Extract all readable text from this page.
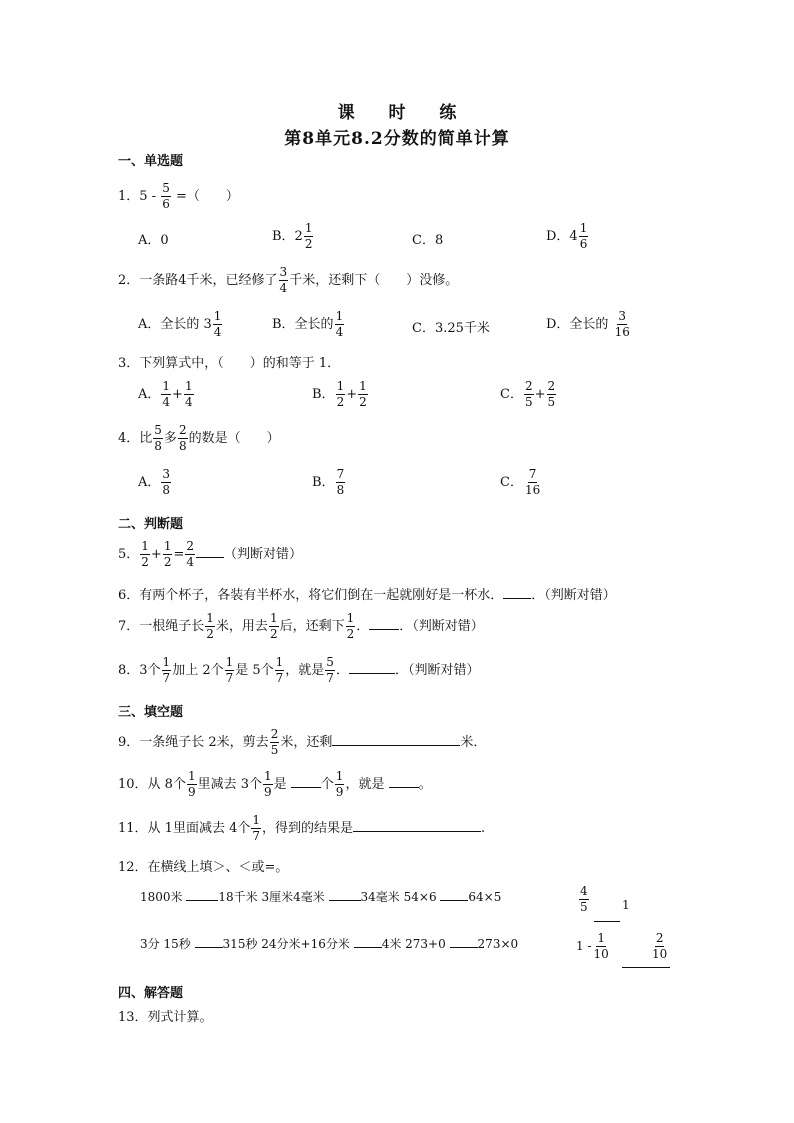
课 时 练
第8单元8.2分数的简单计算
一、单选题
1．$5 - \frac{5}{6}$ =（　　）
A．0	B．$2 \frac{1}{2}$	C．8	D．$4 \frac{1}{6}$
2．一条路4千米，已经修了 $\frac{3}{4}$ 千米，还剩下（　　）没修。
A．全长的 $3 \frac{1}{4}$	B．全长的 $\frac{1}{4}$	C．3.25千米	D．全长的 $\frac{3}{16}$
3．下列算式中，（　　）的和等于 1．
A． $\frac{1}{4} + \frac{1}{4}$	B． $\frac{1}{2} + \frac{1}{2}$	C． $\frac{2}{5} + \frac{2}{5}$
4．比 $\frac{5}{8}$ 多 $\frac{2}{8}$ 的数是（　　）
A． $\frac{3}{8}$	B． $\frac{7}{8}$	C． $\frac{7}{16}$
二、判断题
5． $\frac{1}{2} + \frac{1}{2} = \frac{2}{4}$ （判断对错）
6．有两个杯子，各装有半杯水，将它们倒在一起就刚好是一杯水． ．（判断对错）
7．一根绳子长 $\frac{1}{2}$ 米，用去 $\frac{1}{2}$ 后，还剩下 $\frac{1}{2}$ ． ．（判断对错）
8．3个 $\frac{1}{7}$ 加上 2个 $\frac{1}{7}$ 是 5个 $\frac{1}{7}$ ，就是 $\frac{5}{7}$ ．	．（判断对错）
三、填空题
9．一条绳子长 2米，剪去 $\frac{2}{5}$ 米，还剩	米．
10．从 8个 $\frac{1}{9}$ 里减去 3个 $\frac{1}{9}$ 是 个 $\frac{1}{9}$ ，就是 。
11．从 1里面减去 4个 $\frac{1}{7}$ ，得到的结果是	.
12．在横线上填＞、＜或=。
1800米	18千米 3厘米4毫米	34毫米 54×6 64×5	$\frac{4}{5}$	1
3分 15秒 315秒 24分米+16分米 4米 273+0 273×0	$1 - \frac{1}{10}$	$\frac{2}{10}$
四、解答题
13．列式计算。
